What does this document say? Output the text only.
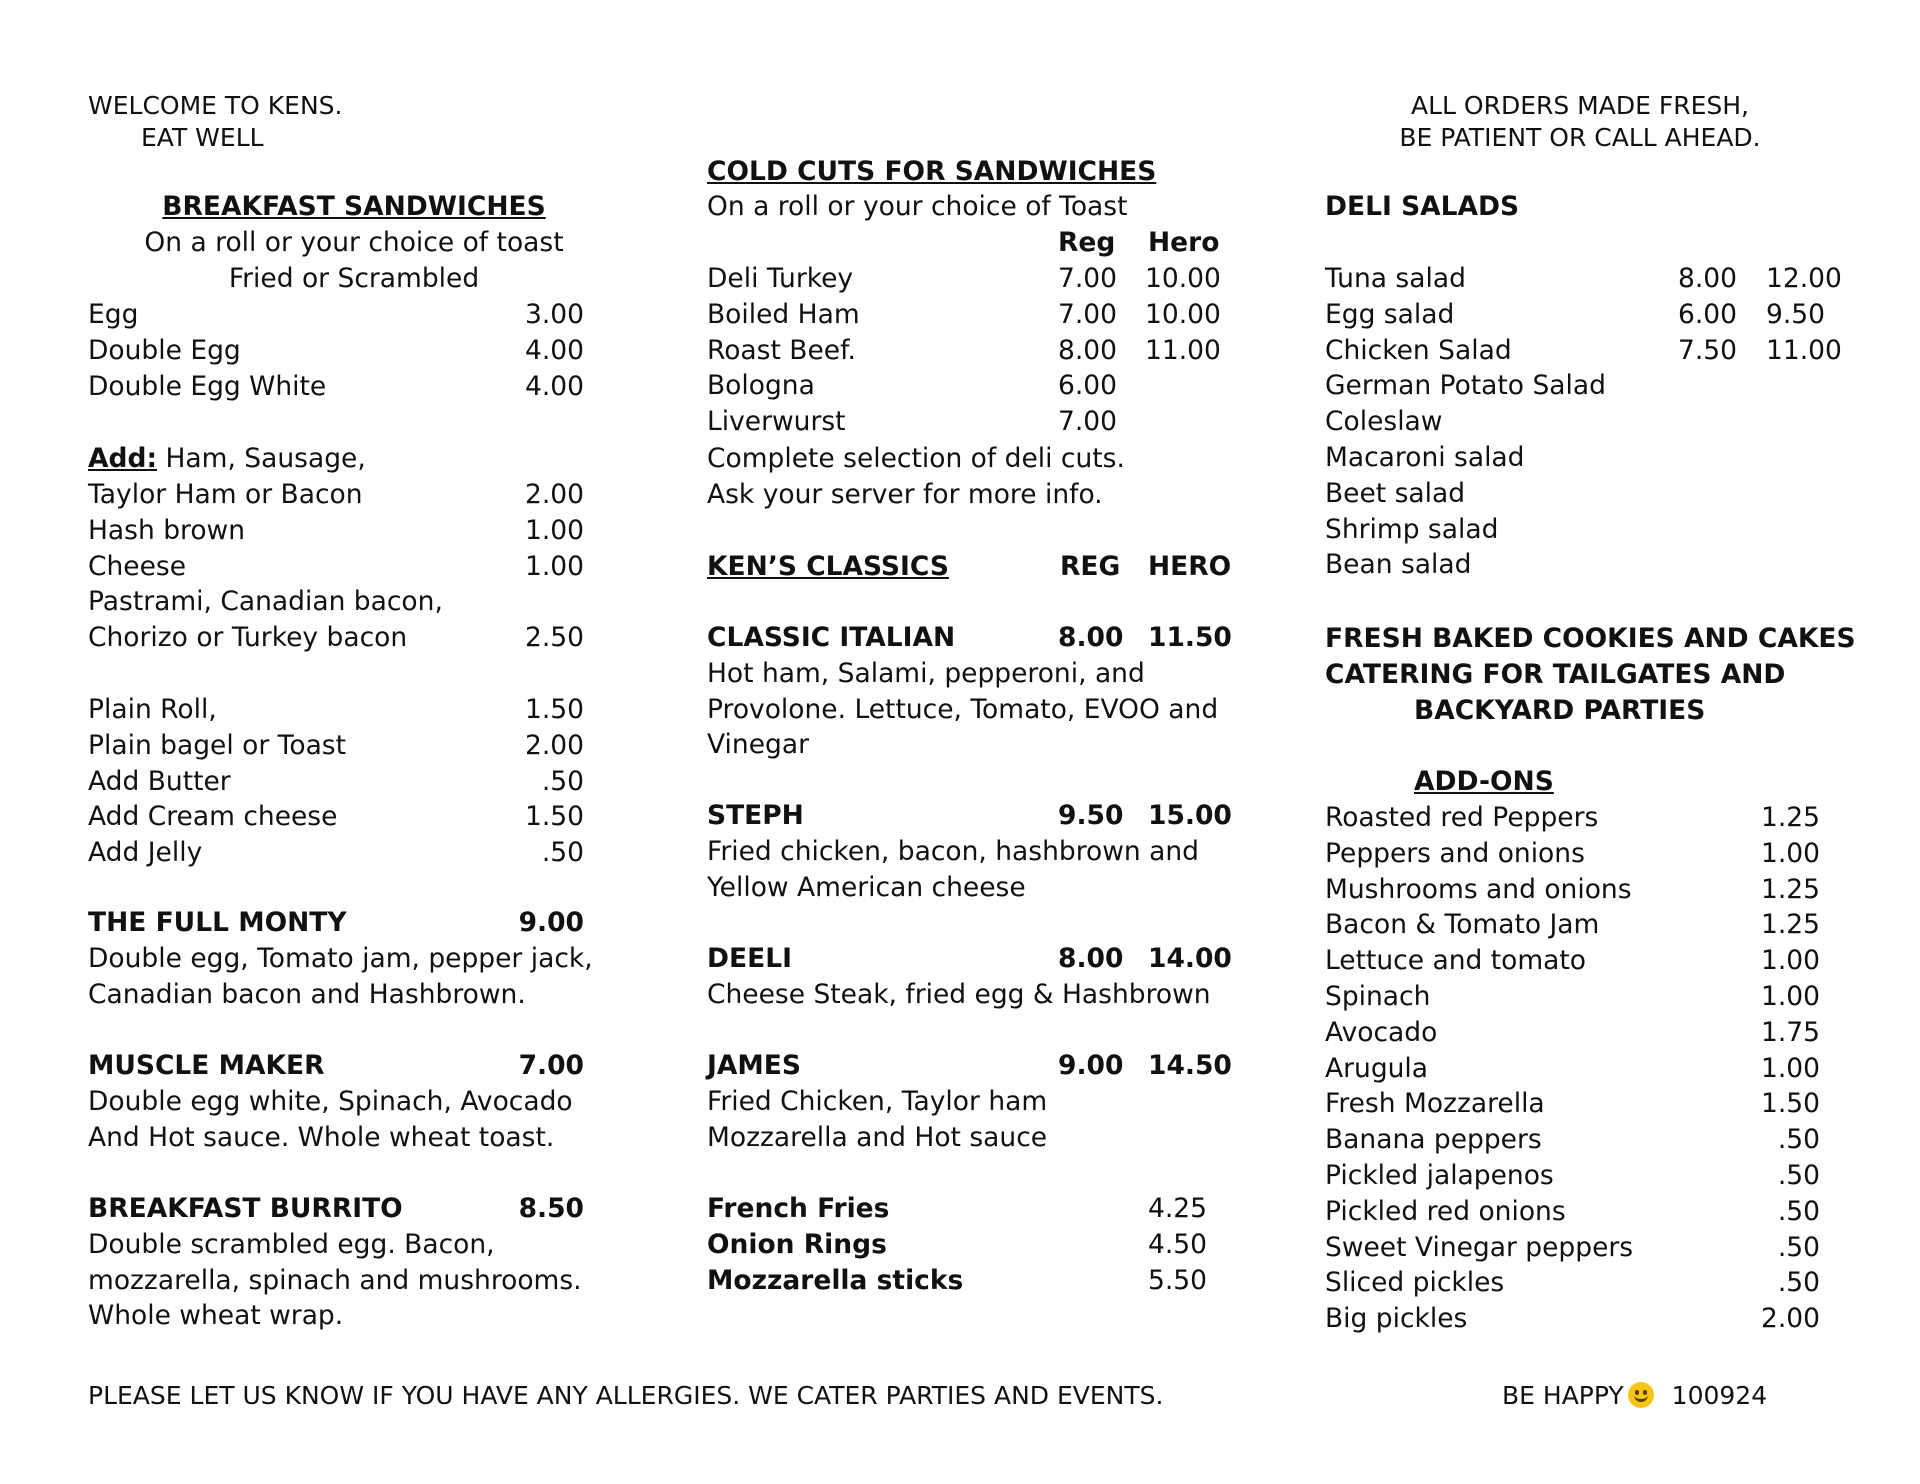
WELCOME TO KENS.
EAT WELL
ALL ORDERS MADE FRESH,
BE PATIENT OR CALL AHEAD.
BREAKFAST SANDWICHES
On a roll or your choice of toast
Fried or Scrambled
Egg	3.00
Double Egg	4.00
Double Egg White	4.00
Add: Ham, Sausage,
Taylor Ham or Bacon	2.00
Hash brown	1.00
Cheese	1.00
Pastrami, Canadian bacon,
Chorizo or Turkey bacon	2.50
Plain Roll,	1.50
Plain bagel or Toast	2.00
Add Butter	.50
Add Cream cheese	1.50
Add Jelly	.50
THE FULL MONTY	9.00
Double egg, Tomato jam, pepper jack,
Canadian bacon and Hashbrown.
MUSCLE MAKER	7.00
Double egg white, Spinach, Avocado
And Hot sauce. Whole wheat toast.
BREAKFAST BURRITO	8.50
Double scrambled egg. Bacon,
mozzarella, spinach and mushrooms.
Whole wheat wrap.
COLD CUTS FOR SANDWICHES
On a roll or your choice of Toast
Reg Hero
Deli Turkey	7.00 10.00
Boiled Ham	7.00 10.00
Roast Beef.	8.00 11.00
Bologna	6.00
Liverwurst	7.00
Complete selection of deli cuts.
Ask your server for more info.
KEN’S CLASSICS	REG HERO
CLASSIC ITALIAN	8.00 11.50
Hot ham, Salami, pepperoni, and
Provolone. Lettuce, Tomato, EVOO and
Vinegar
STEPH	9.50 15.00
Fried chicken, bacon, hashbrown and
Yellow American cheese
DEELI	8.00 14.00
Cheese Steak, fried egg & Hashbrown
JAMES	9.00 14.50
Fried Chicken, Taylor ham
Mozzarella and Hot sauce
French Fries	4.25
Onion Rings	4.50
Mozzarella sticks	5.50
DELI SALADS
Tuna salad	8.00 12.00
Egg salad	6.00 9.50
Chicken Salad	7.50 11.00
German Potato Salad
Coleslaw
Macaroni salad
Beet salad
Shrimp salad
Bean salad
FRESH BAKED COOKIES AND CAKES
CATERING FOR TAILGATES AND
BACKYARD PARTIES
ADD-ONS
Roasted red Peppers	1.25
Peppers and onions	1.00
Mushrooms and onions	1.25
Bacon & Tomato Jam	1.25
Lettuce and tomato	1.00
Spinach	1.00
Avocado	1.75
Arugula	1.00
Fresh Mozzarella	1.50
Banana peppers	.50
Pickled jalapenos	.50
Pickled red onions	.50
Sweet Vinegar peppers	.50
Sliced pickles	.50
Big pickles	2.00
PLEASE LET US KNOW IF YOU HAVE ANY ALLERGIES. WE CATER PARTIES AND EVENTS.	BE HAPPY 100924
